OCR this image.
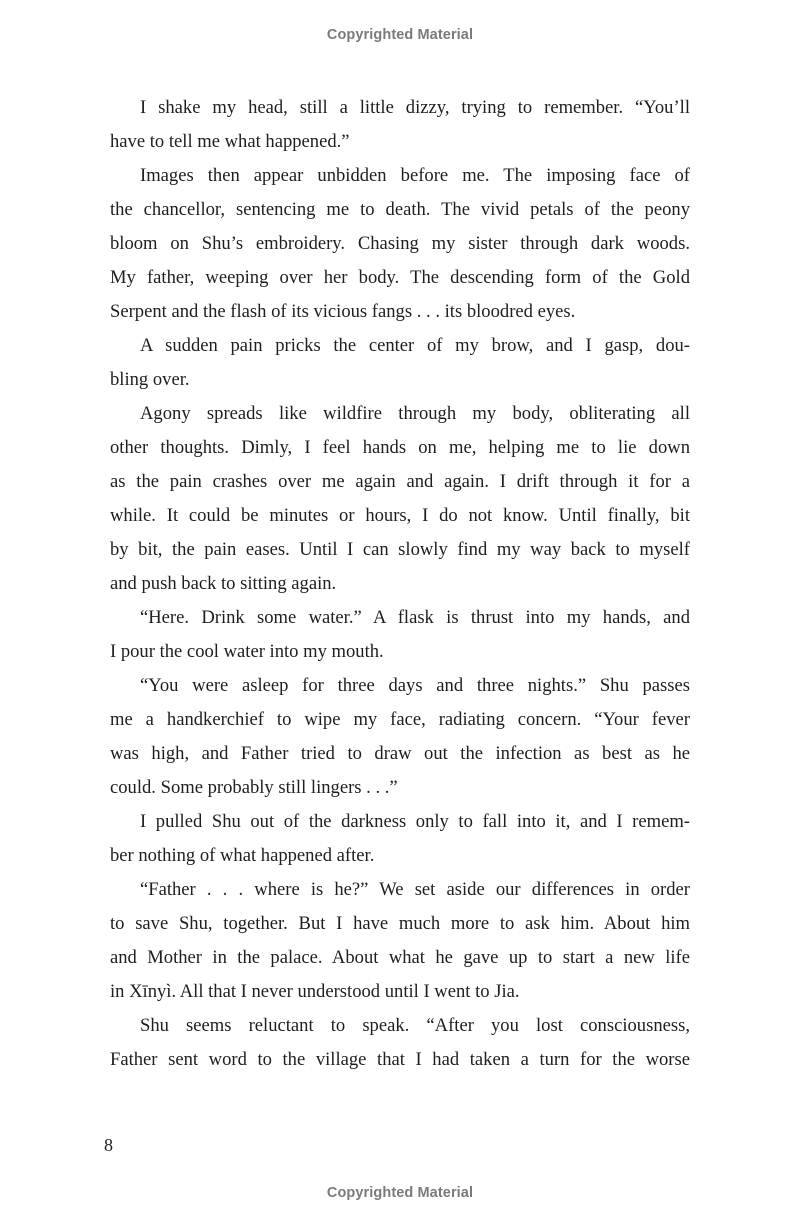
Copyrighted Material
I shake my head, still a little dizzy, trying to remember. “You’ll
have to tell me what happened.”
Images then appear unbidden before me. The imposing face of
the chancellor, sentencing me to death. The vivid petals of the peony
bloom on Shu’s embroidery. Chasing my sister through dark woods.
My father, weeping over her body. The descending form of the Gold
Serpent and the flash of its vicious fangs . . . its bloodred eyes.
A sudden pain pricks the center of my brow, and I gasp, dou-
bling over.
Agony spreads like wildfire through my body, obliterating all
other thoughts. Dimly, I feel hands on me, helping me to lie down
as the pain crashes over me again and again. I drift through it for a
while. It could be minutes or hours, I do not know. Until finally, bit
by bit, the pain eases. Until I can slowly find my way back to myself
and push back to sitting again.
“Here. Drink some water.” A flask is thrust into my hands, and
I pour the cool water into my mouth.
“You were asleep for three days and three nights.” Shu passes
me a handkerchief to wipe my face, radiating concern. “Your fever
was high, and Father tried to draw out the infection as best as he
could. Some probably still lingers . . .”
I pulled Shu out of the darkness only to fall into it, and I remem-
ber nothing of what happened after.
“Father . . . where is he?” We set aside our differences in order
to save Shu, together. But I have much more to ask him. About him
and Mother in the palace. About what he gave up to start a new life
in Xīnyì. All that I never understood until I went to Jia.
Shu seems reluctant to speak. “After you lost consciousness,
Father sent word to the village that I had taken a turn for the worse
8
Copyrighted Material
